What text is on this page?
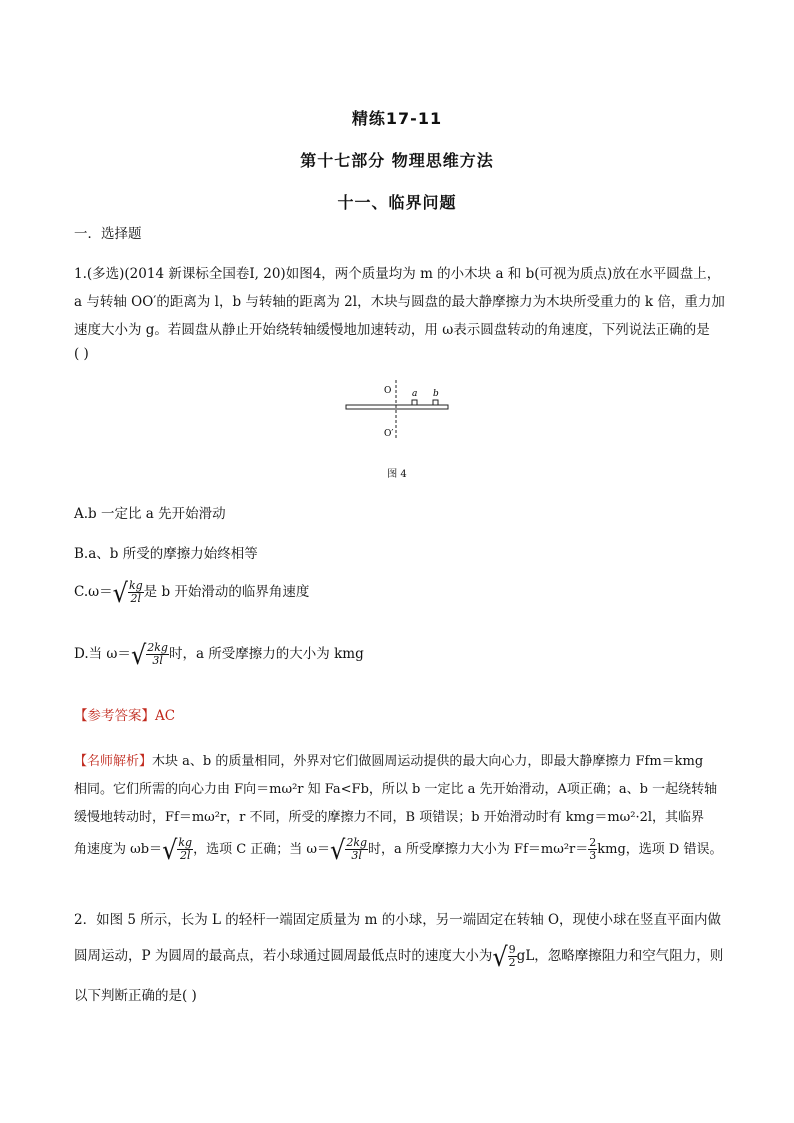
精练17-11
第十七部分 物理思维方法
十一、临界问题
一．选择题
1.(多选)(2014 新课标全国卷Ⅰ, 20)如图4，两个质量均为 m 的小木块 a 和 b(可视为质点)放在水平圆盘上，
a 与转轴 OO′的距离为 l，b 与转轴的距离为 2l，木块与圆盘的最大静摩擦力为木块所受重力的 k 倍，重力加
速度大小为 g。若圆盘从静止开始绕转轴缓慢地加速转动，用 ω表示圆盘转动的角速度，下列说法正确的是
( )
O
O′
a b
图 4
A.b 一定比 a 先开始滑动
B.a、b 所受的摩擦力始终相等
$C.\omega=√ \frac{kg}{2l}$ 是 b 开始滑动的临界角速度
D.当 $\omega=√ \frac{2kg}{3l}$ 时，a 所受摩擦力的大小为 kmg
【参考答案】AC
【名师解析】木块 a、b 的质量相同，外界对它们做圆周运动提供的最大向心力，即最大静摩擦力 Ffm＝kmg
相同。它们所需的向心力由 F向＝mω²r 知 Fa<Fb，所以 b 一定比 a 先开始滑动，A项正确；a、b 一起绕转轴
缓慢地转动时，Ff＝mω²r，r 不同，所受的摩擦力不同，B 项错误；b 开始滑动时有 kmg＝mω²·2l，其临界
角速度为 $\omega b=√ \frac{kg}{2l}$ ，选项 C 正确；当 $\omega=√ \frac{2kg}{3l}$ 时，a 所受摩擦力大小为 $Ff=m\omega^2r= \frac{2}{3}$ kmg，选项 D 错误。
2．如图 5 所示，长为 L 的轻杆一端固定质量为 m 的小球，另一端固定在转轴 O，现使小球在竖直平面内做
圆周运动，P 为圆周的最高点，若小球通过圆周最低点时的速度大小为√ $\frac{9}{2}$ gL，忽略摩擦阻力和空气阻力，则
以下判断正确的是( )
